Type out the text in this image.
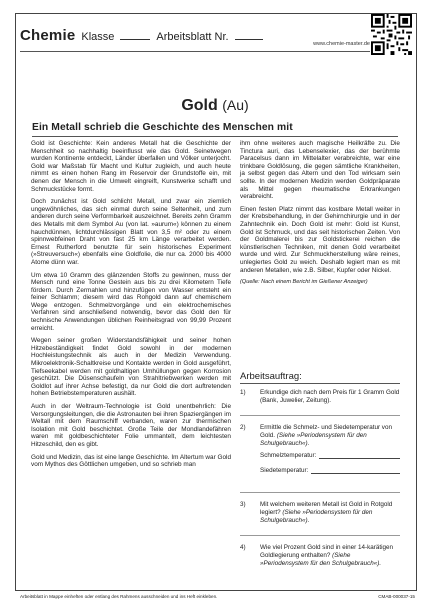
Chemie Klasse	Arbeitsblatt Nr.
www.chemie-master.de
Gold (Au)
Ein Metall schrieb die Geschichte des Menschen mit

Gold ist Geschichte: Kein anderes Metall hat die Geschichte der Menschheit so nachhaltig beeinflusst wie das Gold. Seinetwegen wurden Kontinente entdeckt, Länder überfallen und Völker unterjocht. Gold war Maßstab für Macht und Kultur zugleich, und auch heute nimmt es einen hohen Rang im Reservoir der Grundstoffe ein, mit denen der Mensch in die Umwelt eingreift, Kunstwerke schafft und Schmuckstücke formt.

Doch zunächst ist Gold schlicht Metall, und zwar ein ziemlich ungewöhnliches, das sich einmal durch seine Seltenheit, und zum anderen durch seine Verformbarkeit auszeichnet. Bereits zehn Gramm des Metalls mit dem Symbol Au (von lat. »aurum«) können zu einem hauchdünnen, lichtdurchlässigen Blatt von 3,5 m² oder zu einem spinnwebfeinen Draht von fast 25 km Länge verarbeitet werden. Ernest Rutherford benutzte für sein historisches Experiment (»Streuversuch«) ebenfalls eine Goldfolie, die nur ca. 2000 bis 4000 Atome dünn war.

Um etwa 10 Gramm des glänzenden Stoffs zu gewinnen, muss der Mensch rund eine Tonne Gestein aus bis zu drei Kilometern Tiefe fördern. Durch Zermahlen und hinzufügen von Wasser entsteht ein feiner Schlamm; diesem wird das Rohgold dann auf chemischem Wege entzogen. Schmelzvorgänge und ein elektrochemisches Verfahren sind anschließend notwendig, bevor das Gold den für technische Anwendungen üblichen Reinheitsgrad von 99,99 Prozent erreicht.

Wegen seiner großen Widerstandsfähigkeit und seiner hohen Hitzebeständigkeit findet Gold sowohl in der modernen Hochleistungstechnik als auch in der Medizin Verwendung. Mikroelektronik-Schaltkreise und Kontakte werden in Gold ausgeführt, Tiefseekabel werden mit goldhaltigen Umhüllungen gegen Korrosion geschützt. Die Düsenschaufeln von Strahltriebwerken werden mit Goldlot auf ihrer Achse befestigt, da nur Gold die dort auftretenden hohen Betriebstemperaturen aushält.

Auch in der Weltraum-Technologie ist Gold unentbehrlich: Die Versorgungsleitungen, die die Astronauten bei ihren Spaziergängen im Weltall mit dem Raumschiff verbanden, waren zur thermischen Isolation mit Gold beschichtet. Große Teile der Mondlandefähren waren mit goldbeschichteter Folie ummantelt, dem leichtesten Hitzeschild, den es gibt.

Gold und Medizin, das ist eine lange Geschichte. Im Altertum war Gold vom Mythos des Göttlichen umgeben, und so schrieb man

ihm ohne weiteres auch magische Heilkräfte zu. Die Tinctura auri, das Lebenselexier, das der berühmte Paracelsus dann im Mittelalter verabreichte, war eine trinkbare Goldlösung, die gegen sämtliche Krankheiten, ja selbst gegen das Altern und den Tod wirksam sein sollte. In der modernen Medizin werden Goldpräparate als Mittel gegen rheumatische Erkrankungen verabreicht.

Einen festen Platz nimmt das kostbare Metall weiter in der Krebsbehandlung, in der Gehirnchirurgie und in der Zahntechnik ein. Doch Gold ist mehr: Gold ist Kunst, Gold ist Schmuck, und das seit historischen Zeiten. Von der Goldmalerei bis zur Goldstickerei reichen die künstlerischen Techniken, mit denen Gold verarbeitet wurde und wird. Zur Schmuckherstellung wäre reines, unlegiertes Gold zu weich. Deshalb legiert man es mit anderen Metallen, wie z.B. Silber, Kupfer oder Nickel.

(Quelle: Nach einem Bericht im Gießener Anzeiger)

Arbeitsauftrag:
1)	Erkundige dich nach dem Preis für 1 Gramm Gold (Bank, Juwelier, Zeitung).
2)	Ermittle die Schmelz- und Siedetemperatur von Gold. (Siehe »Periodensystem für den Schulgebrauch«).
Schmelztemperatur:
Siedetemperatur:
3)	Mit welchem weiteren Metall ist Gold in Rotgold legiert? (Siehe »Periodensystem für den Schulgebrauch«).
4)	Wie viel Prozent Gold sind in einer 14-karätigen Goldlegierung enthalten? (Siehe »Periodensystem für den Schulgebrauch«).
Arbeitsblatt in Mappe einheften oder entlang des Rahmens ausschneiden und ins Heft einkleben.	CMAB-000037-15
